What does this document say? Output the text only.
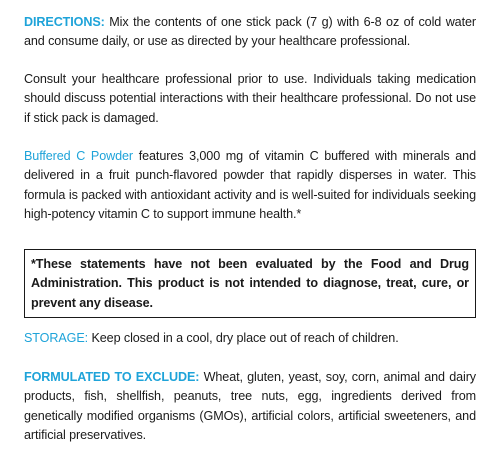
DIRECTIONS: Mix the contents of one stick pack (7 g) with 6-8 oz of cold water and consume daily, or use as directed by your healthcare professional.

Consult your healthcare professional prior to use. Individuals taking medication should discuss potential interactions with their healthcare professional. Do not use if stick pack is damaged.

Buffered C Powder features 3,000 mg of vitamin C buffered with minerals and delivered in a fruit punch-flavored powder that rapidly disperses in water. This formula is packed with antioxidant activity and is well-suited for individuals seeking high-potency vitamin C to support immune health.*

*These statements have not been evaluated by the Food and Drug Administration. This product is not intended to diagnose, treat, cure, or prevent any disease.

STORAGE: Keep closed in a cool, dry place out of reach of children.

FORMULATED TO EXCLUDE: Wheat, gluten, yeast, soy, corn, animal and dairy products, fish, shellfish, peanuts, tree nuts, egg, ingredients derived from genetically modified organisms (GMOs), artificial colors, artificial sweeteners, and artificial preservatives.
